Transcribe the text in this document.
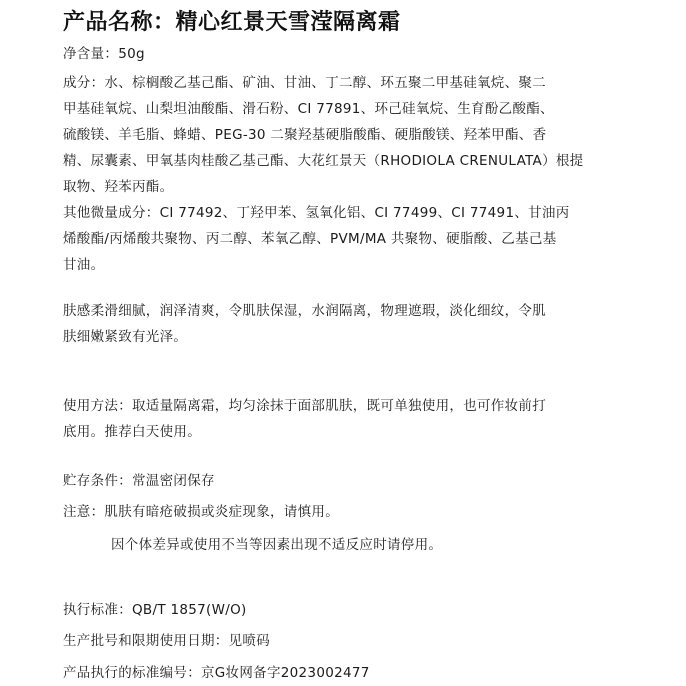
产品名称：精心红景天雪滢隔离霜
净含量：50g
成分：水、棕榈酸乙基己酯、矿油、甘油、丁二醇、环五聚二甲基硅氧烷、聚二
甲基硅氧烷、山梨坦油酸酯、滑石粉、CI 77891、环己硅氧烷、生育酚乙酸酯、
硫酸镁、羊毛脂、蜂蜡、PEG-30 二聚羟基硬脂酸酯、硬脂酸镁、羟苯甲酯、香
精、尿囊素、甲氧基肉桂酸乙基己酯、大花红景天（RHODIOLA CRENULATA）根提
取物、羟苯丙酯。
其他微量成分：CI 77492、丁羟甲苯、氢氧化铝、CI 77499、CI 77491、甘油丙
烯酸酯/丙烯酸共聚物、丙二醇、苯氧乙醇、PVM/MA 共聚物、硬脂酸、乙基己基
甘油。
肤感柔滑细腻，润泽清爽，令肌肤保湿，水润隔离，物理遮瑕，淡化细纹，令肌
肤细嫩紧致有光泽。
使用方法：取适量隔离霜，均匀涂抹于面部肌肤，既可单独使用，也可作妆前打
底用。推荐白天使用。
贮存条件：常温密闭保存
注意：肌肤有暗疮破损或炎症现象，请慎用。
因个体差异或使用不当等因素出现不适反应时请停用。
执行标准：QB/T 1857(W/O)
生产批号和限期使用日期：见喷码
产品执行的标准编号：京G妆网备字2023002477
